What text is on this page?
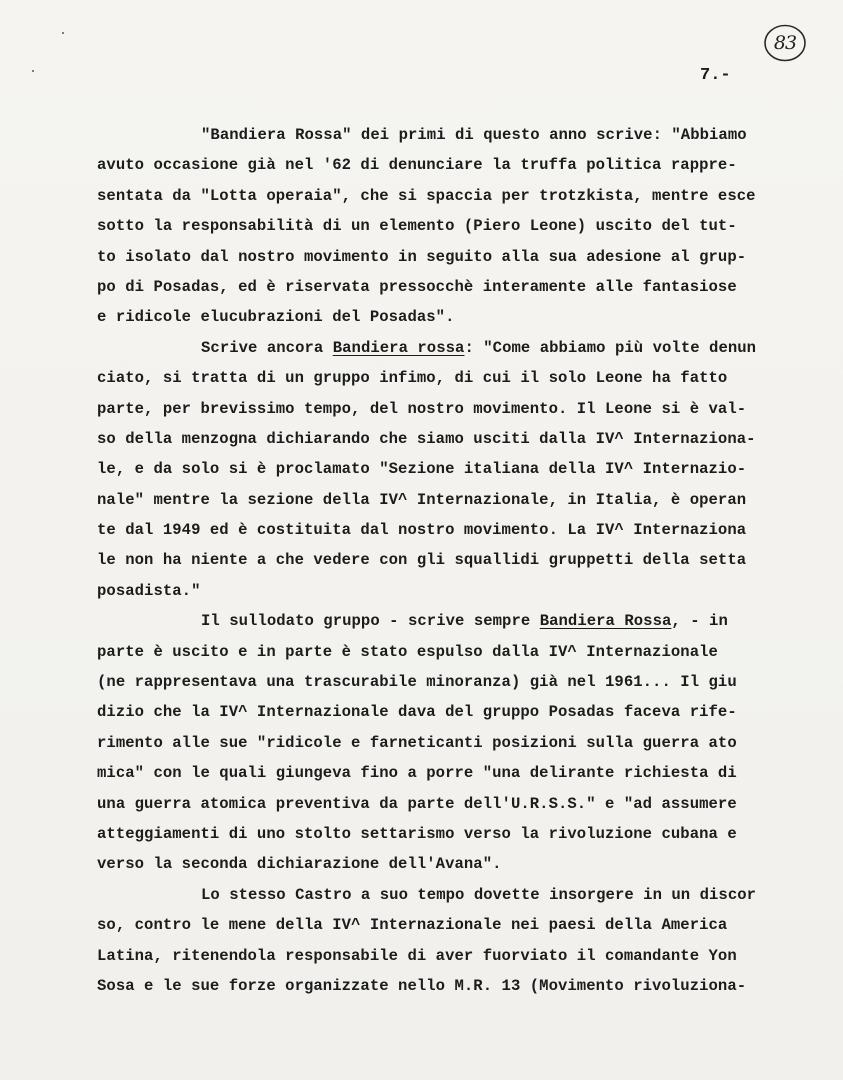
83
7.-
"Bandiera Rossa" dei primi di questo anno scrive: "Abbiamo
avuto occasione già nel '62 di denunciare la truffa politica rappre-
sentata da "Lotta operaia", che si spaccia per trotzkista, mentre esce
sotto la responsabilità di un elemento (Piero Leone) uscito del tut-
to isolato dal nostro movimento in seguito alla sua adesione al grup-
po di Posadas, ed è riservata pressocchè interamente alle fantasiose
e ridicole elucubrazioni del Posadas".
Scrive ancora Bandiera rossa: "Come abbiamo più volte denun
ciato, si tratta di un gruppo infimo, di cui il solo Leone ha fatto
parte, per brevissimo tempo, del nostro movimento. Il Leone si è val-
so della menzogna dichiarando che siamo usciti dalla IV^ Internaziona-
le, e da solo si è proclamato "Sezione italiana della IV^ Internazio-
nale" mentre la sezione della IV^ Internazionale, in Italia, è operan
te dal 1949 ed è costituita dal nostro movimento. La IV^ Internaziona
le non ha niente a che vedere con gli squallidi gruppetti della setta
posadista."
Il sullodato gruppo - scrive sempre Bandiera Rossa, - in
parte è uscito e in parte è stato espulso dalla IV^ Internazionale
(ne rappresentava una trascurabile minoranza) già nel 1961... Il giu
dizio che la IV^ Internazionale dava del gruppo Posadas faceva rife-
rimento alle sue "ridicole e farneticanti posizioni sulla guerra ato
mica" con le quali giungeva fino a porre "una delirante richiesta di
una guerra atomica preventiva da parte dell'U.R.S.S." e "ad assumere
atteggiamenti di uno stolto settarismo verso la rivoluzione cubana e
verso la seconda dichiarazione dell'Avana".
Lo stesso Castro a suo tempo dovette insorgere in un discor
so, contro le mene della IV^ Internazionale nei paesi della America
Latina, ritenendola responsabile di aver fuorviato il comandante Yon
Sosa e le sue forze organizzate nello M.R. 13 (Movimento rivoluziona-
